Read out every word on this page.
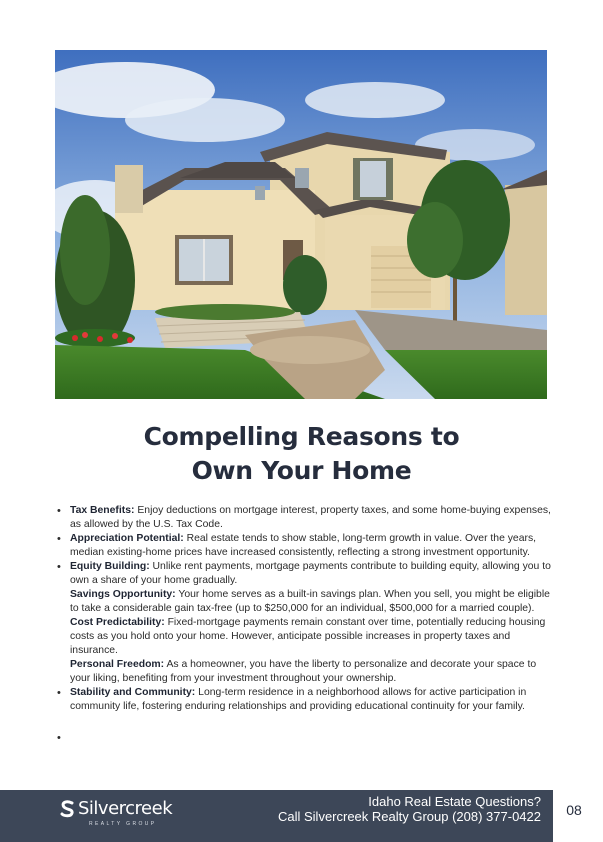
Compelling Reasons to
Own Your Home
• Tax Benefits: Enjoy deductions on mortgage interest, property taxes, and some home-buying expenses, as allowed by the U.S. Tax Code.
• Appreciation Potential: Real estate tends to show stable, long-term growth in value. Over the years, median existing-home prices have increased consistently, reflecting a strong investment opportunity.
• Equity Building: Unlike rent payments, mortgage payments contribute to building equity, allowing you to own a share of your home gradually.
Savings Opportunity: Your home serves as a built-in savings plan. When you sell, you might be eligible to take a considerable gain tax-free (up to $250,000 for an individual, $500,000 for a married couple).
Cost Predictability: Fixed-mortgage payments remain constant over time, potentially reducing housing costs as you hold onto your home. However, anticipate possible increases in property taxes and insurance.
Personal Freedom: As a homeowner, you have the liberty to personalize and decorate your space to your liking, benefiting from your investment throughout your ownership.
• Stability and Community: Long-term residence in a neighborhood allows for active participation in community life, fostering enduring relationships and providing educational continuity for your family.
•
Silvercreek
REALTY GROUP
Idaho Real Estate Questions?
Call Silvercreek Realty Group (208) 377-0422	08
